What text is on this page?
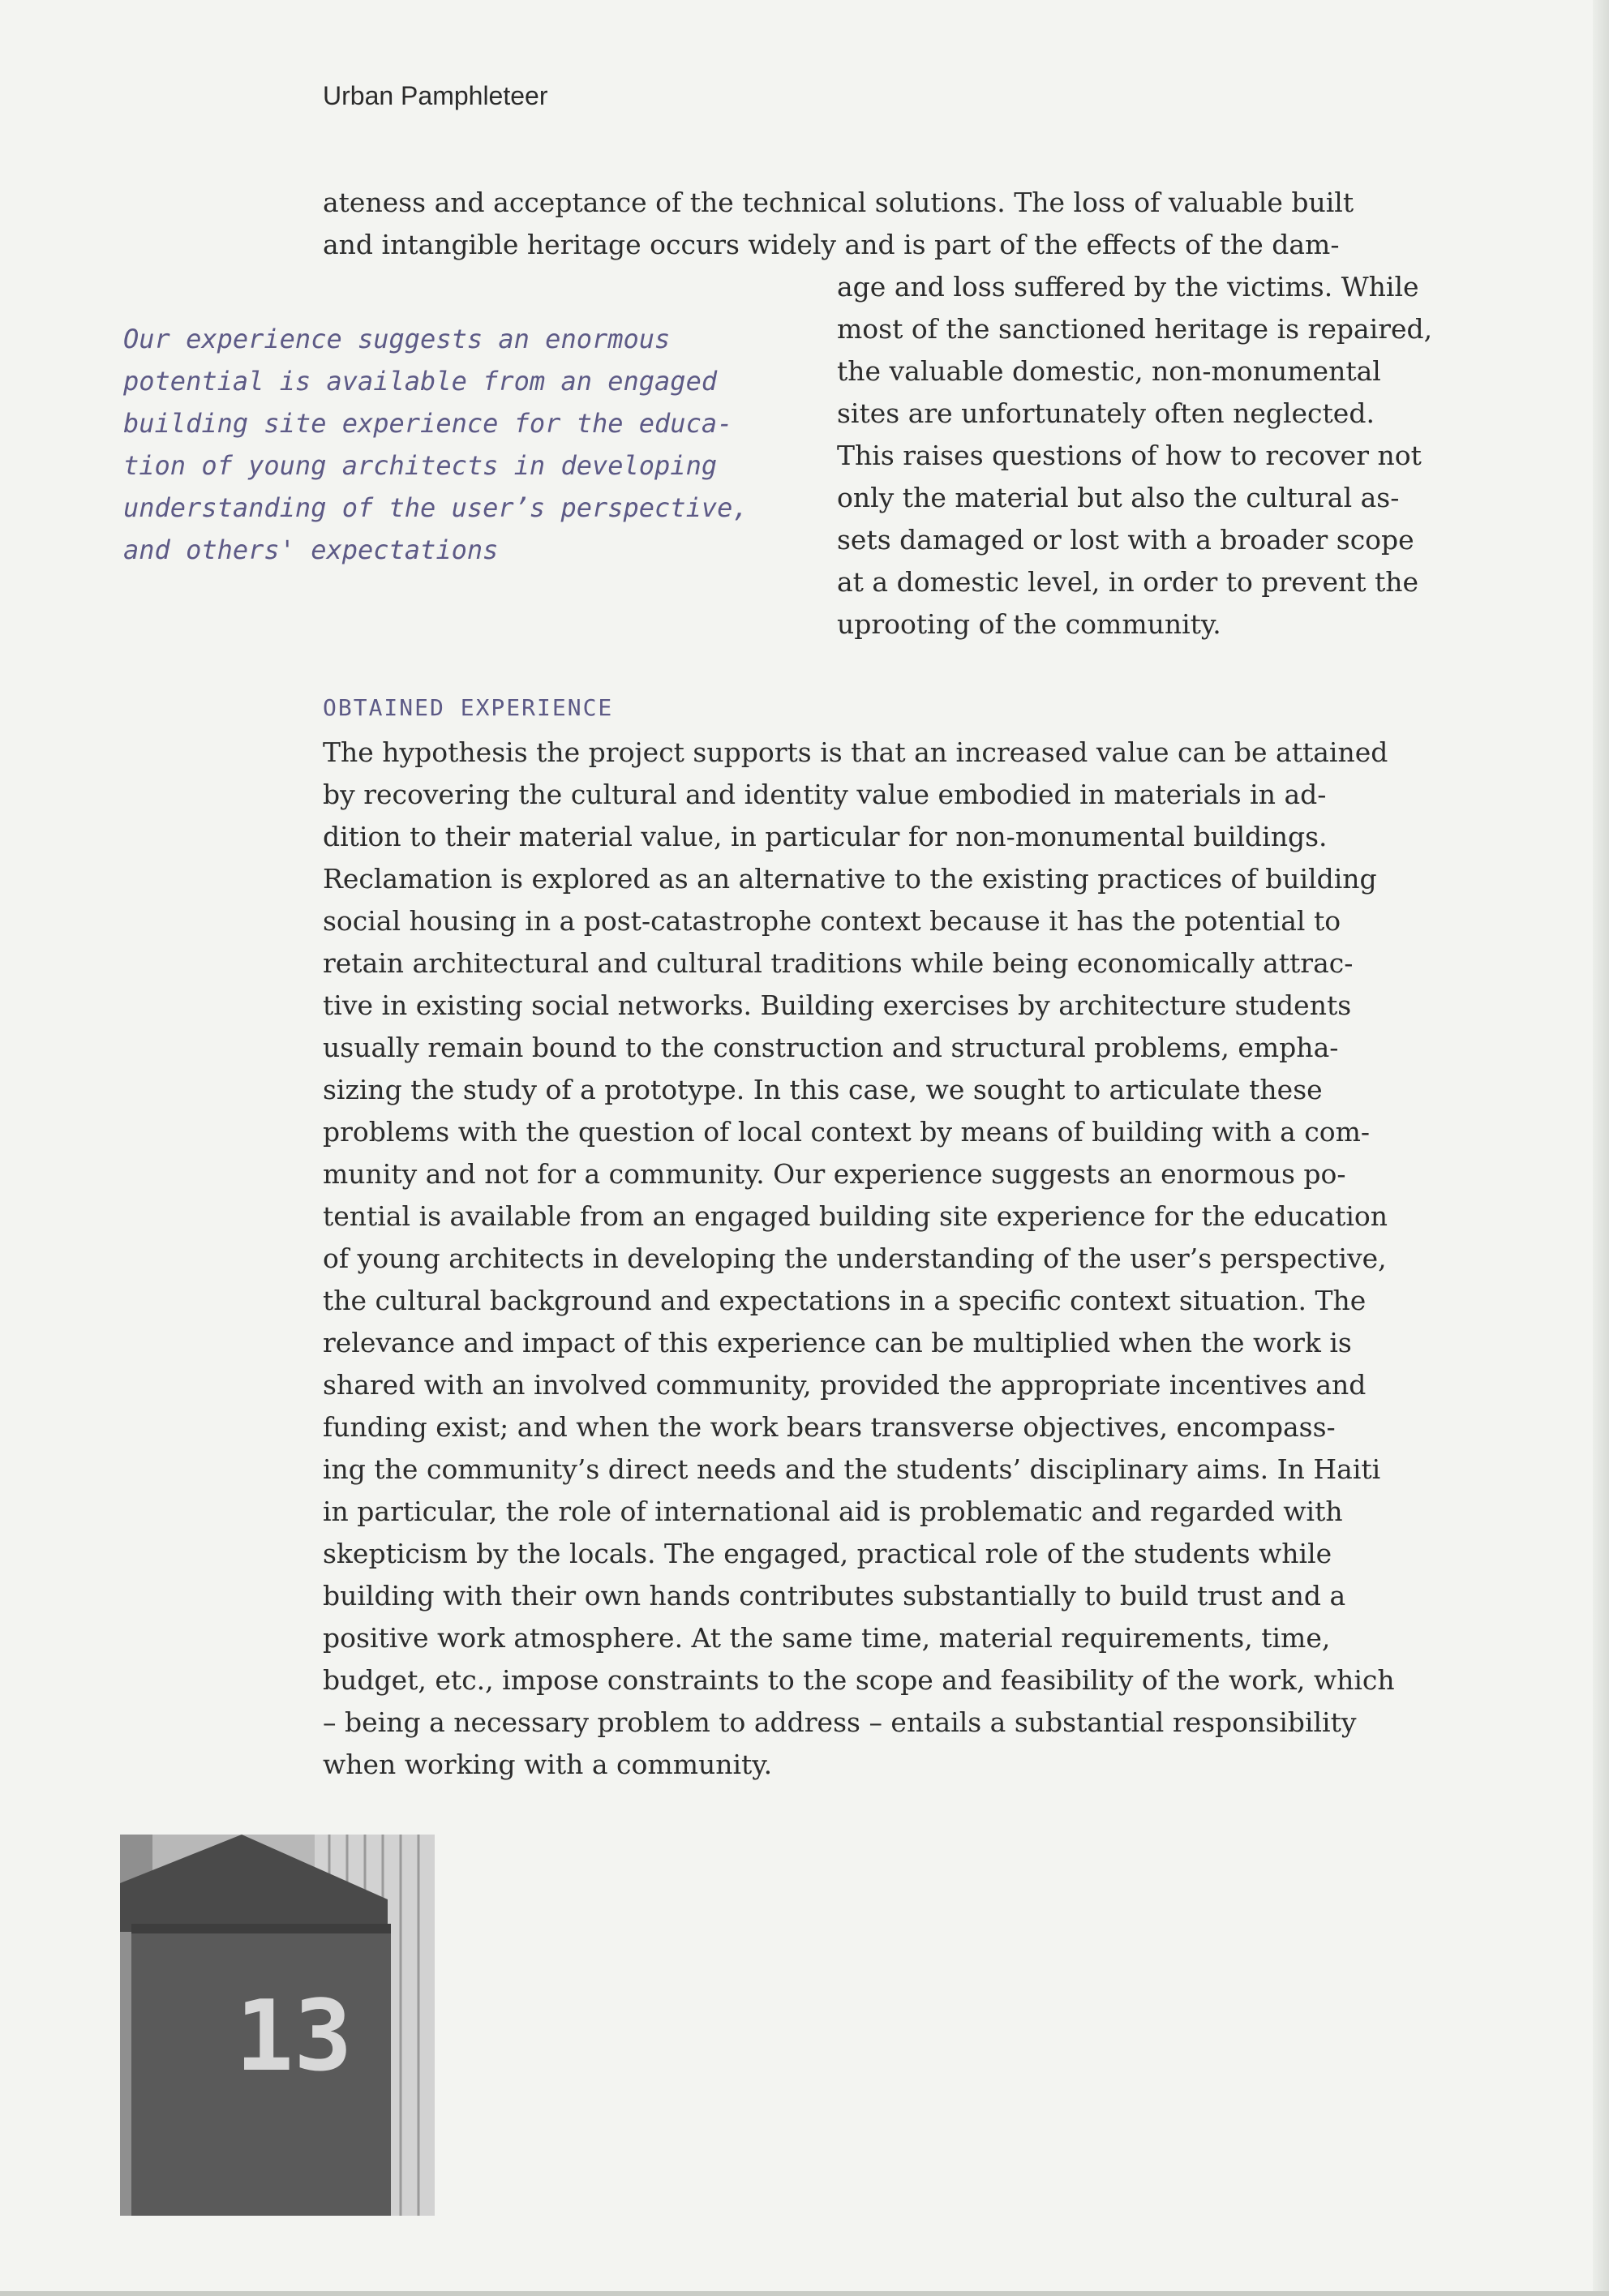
Urban Pamphleteer
ateness and acceptance of the technical solutions. The loss of valuable built
and intangible heritage occurs widely and is part of the effects of the dam-
age and loss suffered by the victims. While
most of the sanctioned heritage is repaired,
the valuable domestic, non-monumental
sites are unfortunately often neglected.
This raises questions of how to recover not
only the material but also the cultural as-
sets damaged or lost with a broader scope
at a domestic level, in order to prevent the
uprooting of the community.
Our experience suggests an enormous
potential is available from an engaged
building site experience for the educa-
tion of young architects in developing
understanding of the user’s perspective,
and others' expectations
OBTAINED EXPERIENCE
The hypothesis the project supports is that an increased value can be attained
by recovering the cultural and identity value embodied in materials in ad-
dition to their material value, in particular for non-monumental buildings.
Reclamation is explored as an alternative to the existing practices of building
social housing in a post-catastrophe context because it has the potential to
retain architectural and cultural traditions while being economically attrac-
tive in existing social networks. Building exercises by architecture students
usually remain bound to the construction and structural problems, empha-
sizing the study of a prototype. In this case, we sought to articulate these
problems with the question of local context by means of building with a com-
munity and not for a community. Our experience suggests an enormous po-
tential is available from an engaged building site experience for the education
of young architects in developing the understanding of the user’s perspective,
the cultural background and expectations in a specific context situation. The
relevance and impact of this experience can be multiplied when the work is
shared with an involved community, provided the appropriate incentives and
funding exist; and when the work bears transverse objectives, encompass-
ing the community’s direct needs and the students’ disciplinary aims. In Haiti
in particular, the role of international aid is problematic and regarded with
skepticism by the locals. The engaged, practical role of the students while
building with their own hands contributes substantially to build trust and a
positive work atmosphere. At the same time, material requirements, time,
budget, etc., impose constraints to the scope and feasibility of the work, which
– being a necessary problem to address – entails a substantial responsibility
when working with a community.
13
